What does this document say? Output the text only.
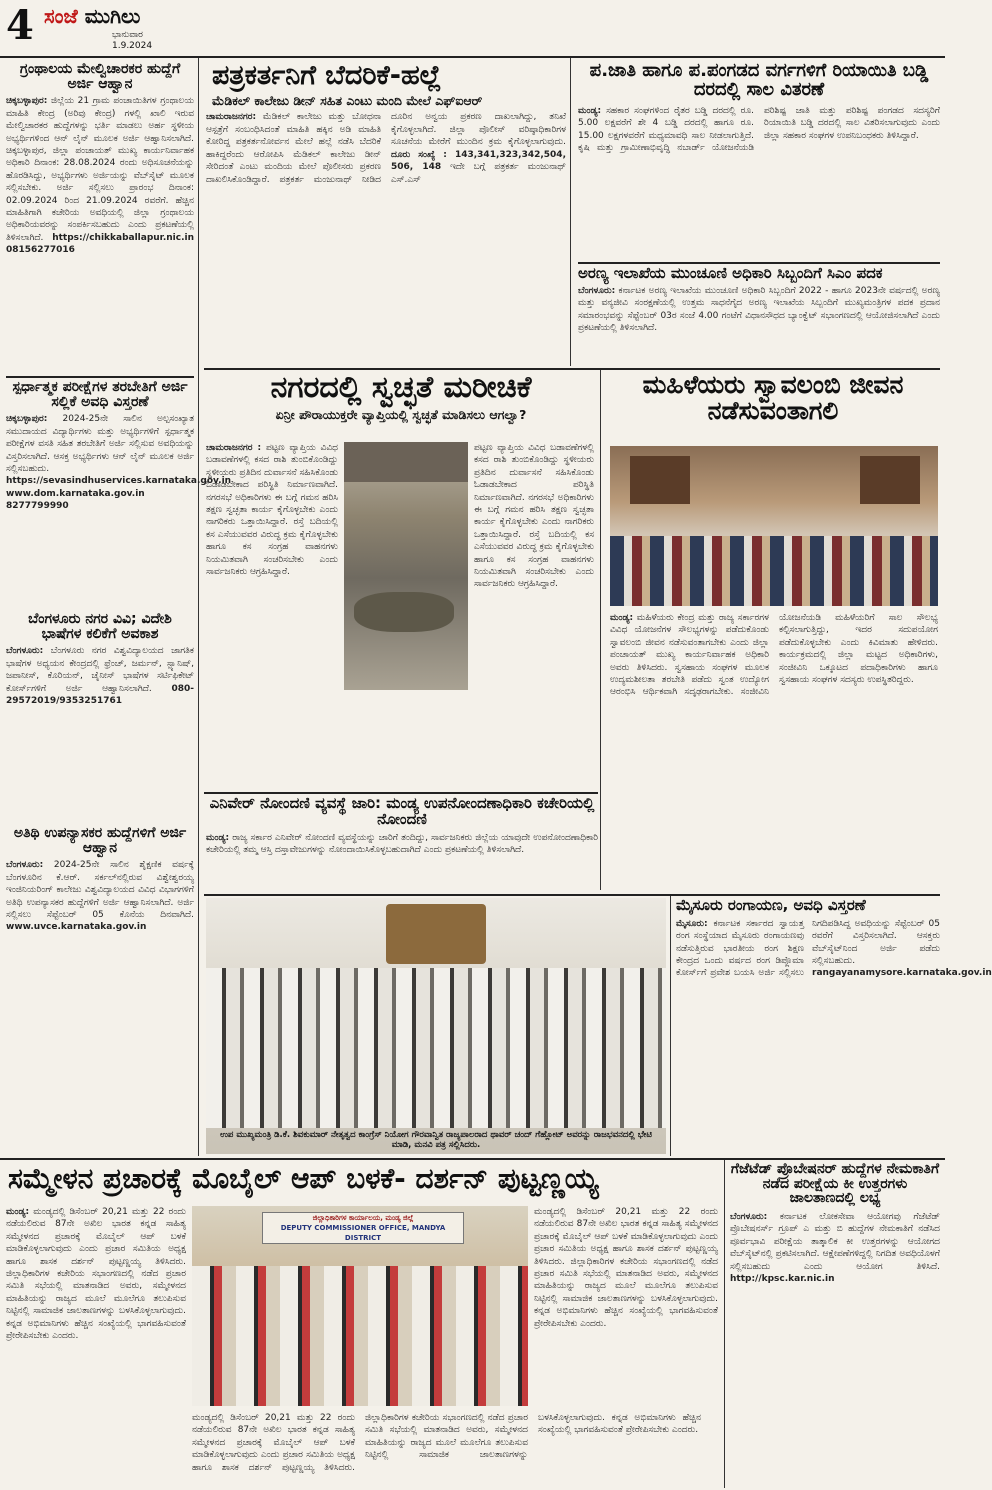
4 ಸಂಜೆ ಮುಗಿಲು
ಭಾನುವಾರ
1.9.2024
ಗ್ರಂಥಾಲಯ ಮೇಲ್ವಿಚಾರಕರ ಹುದ್ದೆಗೆ ಅರ್ಜಿ ಆಹ್ವಾನ
ಚಿಕ್ಕಬಳ್ಳಾಪುರ: ಜಿಲ್ಲೆಯ 21 ಗ್ರಾಮ ಪಂಚಾಯಿತಿಗಳ ಗ್ರಂಥಾಲಯ ಮಾಹಿತಿ ಕೇಂದ್ರ (ಅರಿವು ಕೇಂದ್ರ) ಗಳಲ್ಲಿ ಖಾಲಿ ಇರುವ ಮೇಲ್ವಿಚಾರಕರ ಹುದ್ದೆಗಳನ್ನು ಭರ್ತಿ ಮಾಡಲು ಅರ್ಹ ಸ್ಥಳೀಯ ಅಭ್ಯರ್ಥಿಗಳಿಂದ ಆನ್ ಲೈನ್ ಮೂಲಕ ಅರ್ಜಿ ಆಹ್ವಾನಿಸಲಾಗಿದೆ. ಚಿಕ್ಕಬಳ್ಳಾಪುರ, ಜಿಲ್ಲಾ ಪಂಚಾಯತ್ ಮುಖ್ಯ ಕಾರ್ಯನಿರ್ವಾಹಕ ಅಧಿಕಾರಿ ದಿನಾಂಕ: 28.08.2024 ರಂದು ಅಧಿಸೂಚನೆಯನ್ನು ಹೊರಡಿಸಿದ್ದು, ಅಭ್ಯರ್ಥಿಗಳು ಅರ್ಜಿಯನ್ನು ವೆಬ್‌ಸೈಟ್ ಮೂಲಕ ಸಲ್ಲಿಸಬೇಕು. ಅರ್ಜಿ ಸಲ್ಲಿಸಲು ಪ್ರಾರಂಭ ದಿನಾಂಕ: 02.09.2024 ರಿಂದ 21.09.2024 ರವರೆಗೆ. ಹೆಚ್ಚಿನ ಮಾಹಿತಿಗಾಗಿ ಕಚೇರಿಯ ಅವಧಿಯಲ್ಲಿ ಜಿಲ್ಲಾ ಗ್ರಂಥಾಲಯ ಅಧಿಕಾರಿಯವರನ್ನು ಸಂಪರ್ಕಿಸಬಹುದು ಎಂದು ಪ್ರಕಟಣೆಯಲ್ಲಿ ತಿಳಿಸಲಾಗಿದೆ. https://chikkaballapur.nic.in 08156277016
ಸ್ಪರ್ಧಾತ್ಮಕ ಪರೀಕ್ಷೆಗಳ ತರಬೇತಿಗೆ ಅರ್ಜಿ ಸಲ್ಲಿಕೆ ಅವಧಿ ವಿಸ್ತರಣೆ
ಚಿಕ್ಕಬಳ್ಳಾಪುರ: 2024-25ನೇ ಸಾಲಿನ ಅಲ್ಪಸಂಖ್ಯಾತ ಸಮುದಾಯದ ವಿದ್ಯಾರ್ಥಿಗಳು ಮತ್ತು ಅಭ್ಯರ್ಥಿಗಳಿಗೆ ಸ್ಪರ್ಧಾತ್ಮಕ ಪರೀಕ್ಷೆಗಳ ವಸತಿ ಸಹಿತ ತರಬೇತಿಗೆ ಅರ್ಜಿ ಸಲ್ಲಿಸುವ ಅವಧಿಯನ್ನು ವಿಸ್ತರಿಸಲಾಗಿದೆ. ಆಸಕ್ತ ಅಭ್ಯರ್ಥಿಗಳು ಆನ್ ಲೈನ್ ಮೂಲಕ ಅರ್ಜಿ ಸಲ್ಲಿಸಬಹುದು. https://sevasindhuservices.karnataka.gov.in www.dom.karnataka.gov.in 8277799990
ಬೆಂಗಳೂರು ನಗರ ವಿವಿ; ವಿದೇಶಿ ಭಾಷೆಗಳ ಕಲಿಕೆಗೆ ಅವಕಾಶ
ಬೆಂಗಳೂರು: ಬೆಂಗಳೂರು ನಗರ ವಿಶ್ವವಿದ್ಯಾಲಯದ ಜಾಗತಿಕ ಭಾಷೆಗಳ ಅಧ್ಯಯನ ಕೇಂದ್ರದಲ್ಲಿ ಫ್ರೆಂಚ್, ಜರ್ಮನ್, ಸ್ಪ್ಯಾನಿಷ್, ಜಪಾನೀಸ್, ಕೊರಿಯನ್, ಚೈನೀಸ್ ಭಾಷೆಗಳ ಸರ್ಟಿಫಿಕೇಟ್ ಕೋರ್ಸ್‌ಗಳಿಗೆ ಅರ್ಜಿ ಆಹ್ವಾನಿಸಲಾಗಿದೆ. 080-29572019/9353251761
ಅತಿಥಿ ಉಪನ್ಯಾಸಕರ ಹುದ್ದೆಗಳಿಗೆ ಅರ್ಜಿ ಆಹ್ವಾನ
ಬೆಂಗಳೂರು: 2024-25ನೇ ಸಾಲಿನ ಶೈಕ್ಷಣಿಕ ವರ್ಷಕ್ಕೆ ಬೆಂಗಳೂರಿನ ಕೆ.ಆರ್. ಸರ್ಕಲ್‌ನಲ್ಲಿರುವ ವಿಶ್ವೇಶ್ವರಯ್ಯ ಇಂಜಿನಿಯರಿಂಗ್ ಕಾಲೇಜು ವಿಶ್ವವಿದ್ಯಾಲಯದ ವಿವಿಧ ವಿಭಾಗಗಳಿಗೆ ಅತಿಥಿ ಉಪನ್ಯಾಸಕರ ಹುದ್ದೆಗಳಿಗೆ ಅರ್ಜಿ ಆಹ್ವಾನಿಸಲಾಗಿದೆ. ಅರ್ಜಿ ಸಲ್ಲಿಸಲು ಸೆಪ್ಟೆಂಬರ್ 05 ಕೊನೆಯ ದಿನವಾಗಿದೆ. www.uvce.karnataka.gov.in
ಪತ್ರಕರ್ತನಿಗೆ ಬೆದರಿಕೆ-ಹಲ್ಲೆ
ಮೆಡಿಕಲ್ ಕಾಲೇಜು ಡೀನ್ ಸಹಿತ ಎಂಟು ಮಂದಿ ಮೇಲೆ ಎಫ್‌ಐಆರ್
ಚಾಮರಾಜನಗರ: ಮೆಡಿಕಲ್ ಕಾಲೇಜು ಮತ್ತು ಬೋಧನಾ ಆಸ್ಪತ್ರೆಗೆ ಸಂಬಂಧಿಸಿದಂತೆ ಮಾಹಿತಿ ಹಕ್ಕಿನ ಅಡಿ ಮಾಹಿತಿ ಕೋರಿದ್ದ ಪತ್ರಕರ್ತನೋರ್ವನ ಮೇಲೆ ಹಲ್ಲೆ ನಡೆಸಿ ಬೆದರಿಕೆ ಹಾಕಿದ್ದರೆಂದು ಆರೋಪಿಸಿ ಮೆಡಿಕಲ್ ಕಾಲೇಜು ಡೀನ್ ಸೇರಿದಂತೆ ಎಂಟು ಮಂದಿಯ ಮೇಲೆ ಪೊಲೀಸರು ಪ್ರಕರಣ ದಾಖಲಿಸಿಕೊಂಡಿದ್ದಾರೆ. ಪತ್ರಕರ್ತ ಮಂಜುನಾಥ್ ನೀಡಿದ ದೂರಿನ ಅನ್ವಯ ಪ್ರಕರಣ ದಾಖಲಾಗಿದ್ದು, ತನಿಖೆ ಕೈಗೊಳ್ಳಲಾಗಿದೆ. ಜಿಲ್ಲಾ ಪೊಲೀಸ್ ವರಿಷ್ಠಾಧಿಕಾರಿಗಳ ಸೂಚನೆಯ ಮೇರೆಗೆ ಮುಂದಿನ ಕ್ರಮ ಕೈಗೊಳ್ಳಲಾಗುವುದು. ದೂರು ಸಂಖ್ಯೆ : 143,341,323,342,504, 506, 148 ಇದೇ ಬಗ್ಗೆ ಪತ್ರಕರ್ತ ಮಂಜುನಾಥ್ ಎಸ್.ಎಸ್
ಪ.ಜಾತಿ ಹಾಗೂ ಪ.ಪಂಗಡದ ವರ್ಗಗಳಿಗೆ ರಿಯಾಯಿತಿ ಬಡ್ಡಿ ದರದಲ್ಲಿ ಸಾಲ ವಿತರಣೆ
ಮಂಡ್ಯ: ಸಹಕಾರ ಸಂಘಗಳಿಂದ ರೈತರ ಬಡ್ಡಿ ದರದಲ್ಲಿ ರೂ. 5.00 ಲಕ್ಷವರೆಗೆ ಶೇ 4 ಬಡ್ಡಿ ದರದಲ್ಲಿ ಹಾಗೂ ರೂ. 15.00 ಲಕ್ಷಗಳವರೆಗೆ ಮಧ್ಯಮಾವಧಿ ಸಾಲ ನೀಡಲಾಗುತ್ತಿದೆ. ಕೃಷಿ ಮತ್ತು ಗ್ರಾಮೀಣಾಭಿವೃದ್ಧಿ ನಬಾರ್ಡ್ ಯೋಜನೆಯಡಿ ಪರಿಶಿಷ್ಟ ಜಾತಿ ಮತ್ತು ಪರಿಶಿಷ್ಟ ಪಂಗಡದ ಸದಸ್ಯರಿಗೆ ರಿಯಾಯಿತಿ ಬಡ್ಡಿ ದರದಲ್ಲಿ ಸಾಲ ವಿತರಿಸಲಾಗುವುದು ಎಂದು ಜಿಲ್ಲಾ ಸಹಕಾರ ಸಂಘಗಳ ಉಪನಿಬಂಧಕರು ತಿಳಿಸಿದ್ದಾರೆ.
ಅರಣ್ಯ ಇಲಾಖೆಯ ಮುಂಚೂಣಿ ಅಧಿಕಾರಿ ಸಿಬ್ಬಂದಿಗೆ ಸಿಎಂ ಪದಕ
ಬೆಂಗಳೂರು: ಕರ್ನಾಟಕ ಅರಣ್ಯ ಇಲಾಖೆಯ ಮುಂಚೂಣಿ ಅಧಿಕಾರಿ ಸಿಬ್ಬಂದಿಗೆ 2022 - ಹಾಗೂ 2023ನೇ ವರ್ಷದಲ್ಲಿ ಅರಣ್ಯ ಮತ್ತು ವನ್ಯಜೀವಿ ಸಂರಕ್ಷಣೆಯಲ್ಲಿ ಉತ್ತಮ ಸಾಧನೆಗೈದ ಅರಣ್ಯ ಇಲಾಖೆಯ ಸಿಬ್ಬಂದಿಗೆ ಮುಖ್ಯಮಂತ್ರಿಗಳ ಪದಕ ಪ್ರದಾನ ಸಮಾರಂಭವನ್ನು ಸೆಪ್ಟೆಂಬರ್ 03ರ ಸಂಜೆ 4.00 ಗಂಟೆಗೆ ವಿಧಾನಸೌಧದ ಬ್ಯಾಂಕ್ವೆಟ್ ಸಭಾಂಗಣದಲ್ಲಿ ಆಯೋಜಿಸಲಾಗಿದೆ ಎಂದು ಪ್ರಕಟಣೆಯಲ್ಲಿ ತಿಳಿಸಲಾಗಿದೆ.
ನಗರದಲ್ಲಿ ಸ್ವಚ್ಛತೆ ಮರೀಚಿಕೆ
ಏನ್ರೀ ಪೌರಾಯುಕ್ತರೇ ವ್ಯಾಪ್ತಿಯಲ್ಲಿ ಸ್ವಚ್ಛತೆ ಮಾಡಿಸಲು ಆಗಲ್ವಾ?
ಚಾಮರಾಜನಗರ : ಪಟ್ಟಣ ವ್ಯಾಪ್ತಿಯ ವಿವಿಧ ಬಡಾವಣೆಗಳಲ್ಲಿ ಕಸದ ರಾಶಿ ತುಂಬಿಕೊಂಡಿದ್ದು ಸ್ಥಳೀಯರು ಪ್ರತಿದಿನ ದುರ್ವಾಸನೆ ಸಹಿಸಿಕೊಂಡು ಓಡಾಡಬೇಕಾದ ಪರಿಸ್ಥಿತಿ ನಿರ್ಮಾಣವಾಗಿದೆ. ನಗರಸಭೆ ಅಧಿಕಾರಿಗಳು ಈ ಬಗ್ಗೆ ಗಮನ ಹರಿಸಿ ತಕ್ಷಣ ಸ್ವಚ್ಛತಾ ಕಾರ್ಯ ಕೈಗೊಳ್ಳಬೇಕು ಎಂದು ನಾಗರಿಕರು ಒತ್ತಾಯಿಸಿದ್ದಾರೆ. ರಸ್ತೆ ಬದಿಯಲ್ಲಿ ಕಸ ಎಸೆಯುವವರ ವಿರುದ್ಧ ಕ್ರಮ ಕೈಗೊಳ್ಳಬೇಕು ಹಾಗೂ ಕಸ ಸಂಗ್ರಹ ವಾಹನಗಳು ನಿಯಮಿತವಾಗಿ ಸಂಚರಿಸಬೇಕು ಎಂದು ಸಾರ್ವಜನಿಕರು ಆಗ್ರಹಿಸಿದ್ದಾರೆ.
ಪಟ್ಟಣ ವ್ಯಾಪ್ತಿಯ ವಿವಿಧ ಬಡಾವಣೆಗಳಲ್ಲಿ ಕಸದ ರಾಶಿ ತುಂಬಿಕೊಂಡಿದ್ದು ಸ್ಥಳೀಯರು ಪ್ರತಿದಿನ ದುರ್ವಾಸನೆ ಸಹಿಸಿಕೊಂಡು ಓಡಾಡಬೇಕಾದ ಪರಿಸ್ಥಿತಿ ನಿರ್ಮಾಣವಾಗಿದೆ. ನಗರಸಭೆ ಅಧಿಕಾರಿಗಳು ಈ ಬಗ್ಗೆ ಗಮನ ಹರಿಸಿ ತಕ್ಷಣ ಸ್ವಚ್ಛತಾ ಕಾರ್ಯ ಕೈಗೊಳ್ಳಬೇಕು ಎಂದು ನಾಗರಿಕರು ಒತ್ತಾಯಿಸಿದ್ದಾರೆ. ರಸ್ತೆ ಬದಿಯಲ್ಲಿ ಕಸ ಎಸೆಯುವವರ ವಿರುದ್ಧ ಕ್ರಮ ಕೈಗೊಳ್ಳಬೇಕು ಹಾಗೂ ಕಸ ಸಂಗ್ರಹ ವಾಹನಗಳು ನಿಯಮಿತವಾಗಿ ಸಂಚರಿಸಬೇಕು ಎಂದು ಸಾರ್ವಜನಿಕರು ಆಗ್ರಹಿಸಿದ್ದಾರೆ.
ಮಹಿಳೆಯರು ಸ್ವಾವಲಂಬಿ ಜೀವನ ನಡೆಸುವಂತಾಗಲಿ
ಮಂಡ್ಯ: ಮಹಿಳೆಯರು ಕೇಂದ್ರ ಮತ್ತು ರಾಜ್ಯ ಸರ್ಕಾರಗಳ ವಿವಿಧ ಯೋಜನೆಗಳ ಸೌಲಭ್ಯಗಳನ್ನು ಪಡೆದುಕೊಂಡು ಸ್ವಾವಲಂಬಿ ಜೀವನ ನಡೆಸುವಂತಾಗಬೇಕು ಎಂದು ಜಿಲ್ಲಾ ಪಂಚಾಯತ್ ಮುಖ್ಯ ಕಾರ್ಯನಿರ್ವಾಹಕ ಅಧಿಕಾರಿ ಅವರು ತಿಳಿಸಿದರು. ಸ್ವಸಹಾಯ ಸಂಘಗಳ ಮೂಲಕ ಉದ್ಯಮಶೀಲತಾ ತರಬೇತಿ ಪಡೆದು ಸ್ವಂತ ಉದ್ಯೋಗ ಆರಂಭಿಸಿ ಆರ್ಥಿಕವಾಗಿ ಸದೃಢರಾಗಬೇಕು. ಸಂಜೀವಿನಿ ಯೋಜನೆಯಡಿ ಮಹಿಳೆಯರಿಗೆ ಸಾಲ ಸೌಲಭ್ಯ ಕಲ್ಪಿಸಲಾಗುತ್ತಿದ್ದು, ಇದರ ಸದುಪಯೋಗ ಪಡೆದುಕೊಳ್ಳಬೇಕು ಎಂದು ಕಿವಿಮಾತು ಹೇಳಿದರು. ಕಾರ್ಯಕ್ರಮದಲ್ಲಿ ಜಿಲ್ಲಾ ಮಟ್ಟದ ಅಧಿಕಾರಿಗಳು, ಸಂಜೀವಿನಿ ಒಕ್ಕೂಟದ ಪದಾಧಿಕಾರಿಗಳು ಹಾಗೂ ಸ್ವಸಹಾಯ ಸಂಘಗಳ ಸದಸ್ಯರು ಉಪಸ್ಥಿತರಿದ್ದರು.
ಎನಿವೇರ್ ನೋಂದಣಿ ವ್ಯವಸ್ಥೆ ಜಾರಿ: ಮಂಡ್ಯ ಉಪನೋಂದಣಾಧಿಕಾರಿ ಕಚೇರಿಯಲ್ಲಿ ನೋಂದಣಿ
ಮಂಡ್ಯ: ರಾಜ್ಯ ಸರ್ಕಾರ ಎನಿವೇರ್ ನೋಂದಣಿ ವ್ಯವಸ್ಥೆಯನ್ನು ಜಾರಿಗೆ ತಂದಿದ್ದು, ಸಾರ್ವಜನಿಕರು ಜಿಲ್ಲೆಯ ಯಾವುದೇ ಉಪನೋಂದಣಾಧಿಕಾರಿ ಕಚೇರಿಯಲ್ಲಿ ತಮ್ಮ ಆಸ್ತಿ ದಸ್ತಾವೇಜುಗಳನ್ನು ನೋಂದಾಯಿಸಿಕೊಳ್ಳಬಹುದಾಗಿದೆ ಎಂದು ಪ್ರಕಟಣೆಯಲ್ಲಿ ತಿಳಿಸಲಾಗಿದೆ.
ಉಪ ಮುಖ್ಯಮಂತ್ರಿ ಡಿ.ಕೆ. ಶಿವಕುಮಾರ್ ನೇತೃತ್ವದ ಕಾಂಗ್ರೆಸ್ ನಿಯೋಗ ಗೌರವಾನ್ವಿತ ರಾಜ್ಯಪಾಲರಾದ ಥಾವರ್ ಚಂದ್ ಗೆಹ್ಲೋಟ್ ಅವರನ್ನು ರಾಜಭವನದಲ್ಲಿ ಭೇಟಿ ಮಾಡಿ, ಮನವಿ ಪತ್ರ ಸಲ್ಲಿಸಿದರು.
ಮೈಸೂರು ರಂಗಾಯಣ, ಅವಧಿ ವಿಸ್ತರಣೆ
ಮೈಸೂರು: ಕರ್ನಾಟಕ ಸರ್ಕಾರದ ಸ್ವಾಯತ್ತ ರಂಗ ಸಂಸ್ಥೆಯಾದ ಮೈಸೂರು ರಂಗಾಯಣವು ನಡೆಸುತ್ತಿರುವ ಭಾರತೀಯ ರಂಗ ಶಿಕ್ಷಣ ಕೇಂದ್ರದ ಒಂದು ವರ್ಷದ ರಂಗ ಡಿಪ್ಲೊಮಾ ಕೋರ್ಸ್‌ಗೆ ಪ್ರವೇಶ ಬಯಸಿ ಅರ್ಜಿ ಸಲ್ಲಿಸಲು ನಿಗದಿಪಡಿಸಿದ್ದ ಅವಧಿಯನ್ನು ಸೆಪ್ಟೆಂಬರ್ 05 ರವರೆಗೆ ವಿಸ್ತರಿಸಲಾಗಿದೆ. ಆಸಕ್ತರು ವೆಬ್‌ಸೈಟ್‌ನಿಂದ ಅರ್ಜಿ ಪಡೆದು ಸಲ್ಲಿಸಬಹುದು. rangayanamysore.karnataka.gov.in
ಸಮ್ಮೇಳನ ಪ್ರಚಾರಕ್ಕೆ ಮೊಬೈಲ್ ಆಪ್ ಬಳಕೆ- ದರ್ಶನ್ ಪುಟ್ಟಣ್ಣಯ್ಯ
ಮಂಡ್ಯ: ಮಂಡ್ಯದಲ್ಲಿ ಡಿಸೆಂಬರ್ 20,21 ಮತ್ತು 22 ರಂದು ನಡೆಯಲಿರುವ 87ನೇ ಅಖಿಲ ಭಾರತ ಕನ್ನಡ ಸಾಹಿತ್ಯ ಸಮ್ಮೇಳನದ ಪ್ರಚಾರಕ್ಕೆ ಮೊಬೈಲ್ ಆಪ್ ಬಳಕೆ ಮಾಡಿಕೊಳ್ಳಲಾಗುವುದು ಎಂದು ಪ್ರಚಾರ ಸಮಿತಿಯ ಅಧ್ಯಕ್ಷ ಹಾಗೂ ಶಾಸಕ ದರ್ಶನ್ ಪುಟ್ಟಣ್ಣಯ್ಯ ತಿಳಿಸಿದರು. ಜಿಲ್ಲಾಧಿಕಾರಿಗಳ ಕಚೇರಿಯ ಸಭಾಂಗಣದಲ್ಲಿ ನಡೆದ ಪ್ರಚಾರ ಸಮಿತಿ ಸಭೆಯಲ್ಲಿ ಮಾತನಾಡಿದ ಅವರು, ಸಮ್ಮೇಳನದ ಮಾಹಿತಿಯನ್ನು ರಾಜ್ಯದ ಮೂಲೆ ಮೂಲೆಗೂ ತಲುಪಿಸುವ ನಿಟ್ಟಿನಲ್ಲಿ ಸಾಮಾಜಿಕ ಜಾಲತಾಣಗಳನ್ನು ಬಳಸಿಕೊಳ್ಳಲಾಗುವುದು. ಕನ್ನಡ ಅಭಿಮಾನಿಗಳು ಹೆಚ್ಚಿನ ಸಂಖ್ಯೆಯಲ್ಲಿ ಭಾಗವಹಿಸುವಂತೆ ಪ್ರೇರೇಪಿಸಬೇಕು ಎಂದರು.
ಜಿಲ್ಲಾಧಿಕಾರಿಗಳ ಕಾರ್ಯಾಲಯ, ಮಂಡ್ಯ ಜಿಲ್ಲೆ
DEPUTY COMMISSIONER OFFICE, MANDYA DISTRICT
ಮಂಡ್ಯದಲ್ಲಿ ಡಿಸೆಂಬರ್ 20,21 ಮತ್ತು 22 ರಂದು ನಡೆಯಲಿರುವ 87ನೇ ಅಖಿಲ ಭಾರತ ಕನ್ನಡ ಸಾಹಿತ್ಯ ಸಮ್ಮೇಳನದ ಪ್ರಚಾರಕ್ಕೆ ಮೊಬೈಲ್ ಆಪ್ ಬಳಕೆ ಮಾಡಿಕೊಳ್ಳಲಾಗುವುದು ಎಂದು ಪ್ರಚಾರ ಸಮಿತಿಯ ಅಧ್ಯಕ್ಷ ಹಾಗೂ ಶಾಸಕ ದರ್ಶನ್ ಪುಟ್ಟಣ್ಣಯ್ಯ ತಿಳಿಸಿದರು. ಜಿಲ್ಲಾಧಿಕಾರಿಗಳ ಕಚೇರಿಯ ಸಭಾಂಗಣದಲ್ಲಿ ನಡೆದ ಪ್ರಚಾರ ಸಮಿತಿ ಸಭೆಯಲ್ಲಿ ಮಾತನಾಡಿದ ಅವರು, ಸಮ್ಮೇಳನದ ಮಾಹಿತಿಯನ್ನು ರಾಜ್ಯದ ಮೂಲೆ ಮೂಲೆಗೂ ತಲುಪಿಸುವ ನಿಟ್ಟಿನಲ್ಲಿ ಸಾಮಾಜಿಕ ಜಾಲತಾಣಗಳನ್ನು ಬಳಸಿಕೊಳ್ಳಲಾಗುವುದು. ಕನ್ನಡ ಅಭಿಮಾನಿಗಳು ಹೆಚ್ಚಿನ ಸಂಖ್ಯೆಯಲ್ಲಿ ಭಾಗವಹಿಸುವಂತೆ ಪ್ರೇರೇಪಿಸಬೇಕು ಎಂದರು.
ಮಂಡ್ಯದಲ್ಲಿ ಡಿಸೆಂಬರ್ 20,21 ಮತ್ತು 22 ರಂದು ನಡೆಯಲಿರುವ 87ನೇ ಅಖಿಲ ಭಾರತ ಕನ್ನಡ ಸಾಹಿತ್ಯ ಸಮ್ಮೇಳನದ ಪ್ರಚಾರಕ್ಕೆ ಮೊಬೈಲ್ ಆಪ್ ಬಳಕೆ ಮಾಡಿಕೊಳ್ಳಲಾಗುವುದು ಎಂದು ಪ್ರಚಾರ ಸಮಿತಿಯ ಅಧ್ಯಕ್ಷ ಹಾಗೂ ಶಾಸಕ ದರ್ಶನ್ ಪುಟ್ಟಣ್ಣಯ್ಯ ತಿಳಿಸಿದರು. ಜಿಲ್ಲಾಧಿಕಾರಿಗಳ ಕಚೇರಿಯ ಸಭಾಂಗಣದಲ್ಲಿ ನಡೆದ ಪ್ರಚಾರ ಸಮಿತಿ ಸಭೆಯಲ್ಲಿ ಮಾತನಾಡಿದ ಅವರು, ಸಮ್ಮೇಳನದ ಮಾಹಿತಿಯನ್ನು ರಾಜ್ಯದ ಮೂಲೆ ಮೂಲೆಗೂ ತಲುಪಿಸುವ ನಿಟ್ಟಿನಲ್ಲಿ ಸಾಮಾಜಿಕ ಜಾಲತಾಣಗಳನ್ನು ಬಳಸಿಕೊಳ್ಳಲಾಗುವುದು. ಕನ್ನಡ ಅಭಿಮಾನಿಗಳು ಹೆಚ್ಚಿನ ಸಂಖ್ಯೆಯಲ್ಲಿ ಭಾಗವಹಿಸುವಂತೆ ಪ್ರೇರೇಪಿಸಬೇಕು ಎಂದರು.
ಗೆಜೆಟೆಡ್ ಪ್ರೊಬೇಷನರ್ ಹುದ್ದೆಗಳ ನೇಮಕಾತಿಗೆ ನಡೆದ ಪರೀಕ್ಷೆಯ ಕೀ ಉತ್ತರಗಳು ಜಾಲತಾಣದಲ್ಲಿ ಲಭ್ಯ
ಬೆಂಗಳೂರು: ಕರ್ನಾಟಕ ಲೋಕಸೇವಾ ಆಯೋಗವು ಗೆಜೆಟೆಡ್ ಪ್ರೊಬೇಷನರ್ಸ್ ಗ್ರೂಪ್ ಎ ಮತ್ತು ಬಿ ಹುದ್ದೆಗಳ ನೇಮಕಾತಿಗೆ ನಡೆಸಿದ ಪೂರ್ವಭಾವಿ ಪರೀಕ್ಷೆಯ ತಾತ್ಕಾಲಿಕ ಕೀ ಉತ್ತರಗಳನ್ನು ಆಯೋಗದ ವೆಬ್‌ಸೈಟ್‌ನಲ್ಲಿ ಪ್ರಕಟಿಸಲಾಗಿದೆ. ಆಕ್ಷೇಪಣೆಗಳಿದ್ದಲ್ಲಿ ನಿಗದಿತ ಅವಧಿಯೊಳಗೆ ಸಲ್ಲಿಸಬಹುದು ಎಂದು ಆಯೋಗ ತಿಳಿಸಿದೆ. http://kpsc.kar.nic.in
